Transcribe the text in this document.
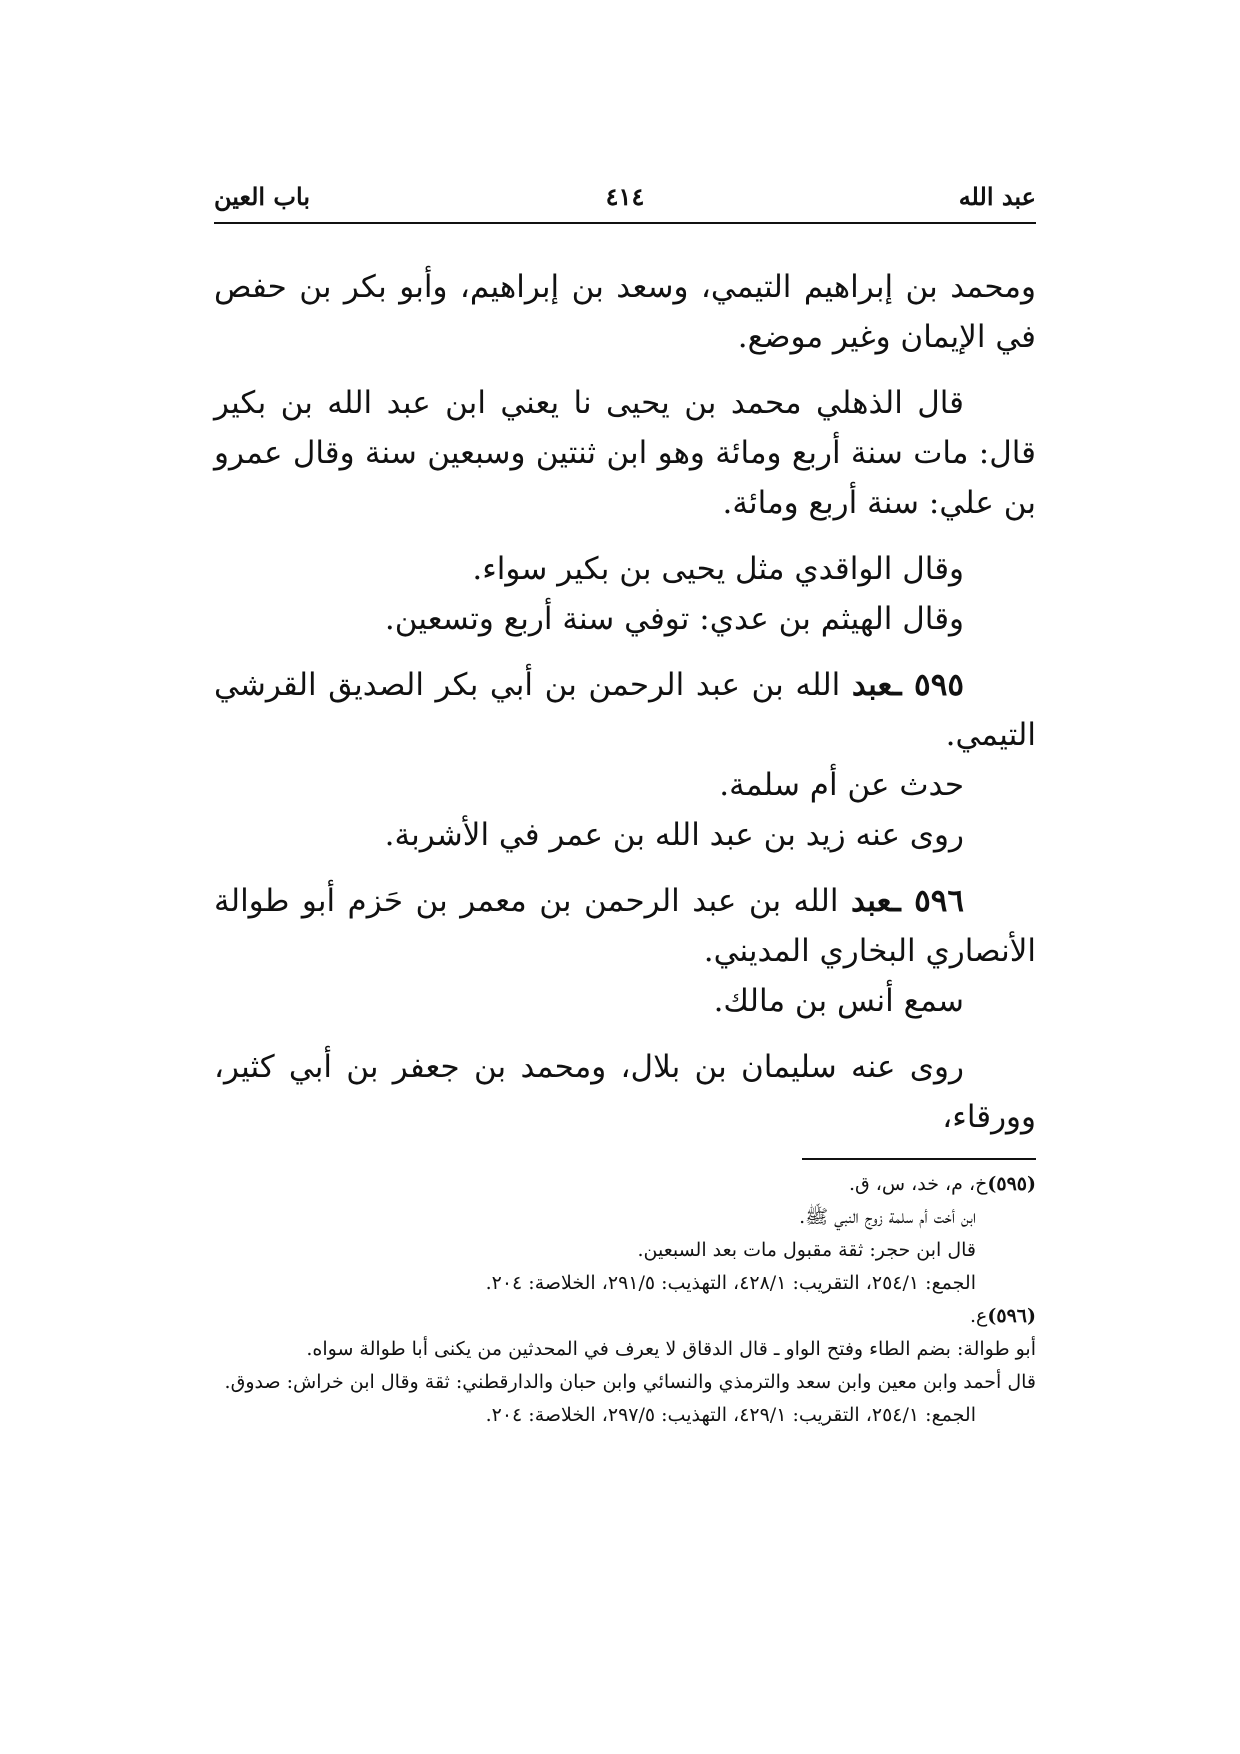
عبد الله
٤١٤
باب العين

ومحمد بن إبراهيم التيمي، وسعد بن إبراهيم، وأبو بكر بن حفص في الإيمان وغير موضع.

قال الذهلي محمد بن يحيى نا يعني ابن عبد الله بن بكير قال: مات سنة أربع ومائة وهو ابن ثنتين وسبعين سنة وقال عمرو بن علي: سنة أربع ومائة.

وقال الواقدي مثل يحيى بن بكير سواء.

وقال الهيثم بن عدي: توفي سنة أربع وتسعين.

٥٩٥ ـعبد الله بن عبد الرحمن بن أبي بكر الصديق القرشي التيمي.

حدث عن أم سلمة.

روى عنه زيد بن عبد الله بن عمر في الأشربة.

٥٩٦ ـعبد الله بن عبد الرحمن بن معمر بن حَزم أبو طوالة الأنصاري البخاري المديني.

سمع أنس بن مالك.

روى عنه سليمان بن بلال، ومحمد بن جعفر بن أبي كثير، وورقاء،

(٥٩٥)خ، م، خد، س، ق.

ابن أخت أم سلمة زوج النبي ﷺ.

قال ابن حجر: ثقة مقبول مات بعد السبعين.

الجمع: ٢٥٤/١، التقريب: ٤٢٨/١، التهذيب: ٢٩١/٥، الخلاصة: ٢٠٤.

(٥٩٦)ع.

أبو طوالة: بضم الطاء وفتح الواو ـ قال الدقاق لا يعرف في المحدثين من يكنى أبا طوالة سواه.

قال أحمد وابن معين وابن سعد والترمذي والنسائي وابن حبان والدارقطني: ثقة وقال ابن خراش: صدوق.

الجمع: ٢٥٤/١، التقريب: ٤٢٩/١، التهذيب: ٢٩٧/٥، الخلاصة: ٢٠٤.
